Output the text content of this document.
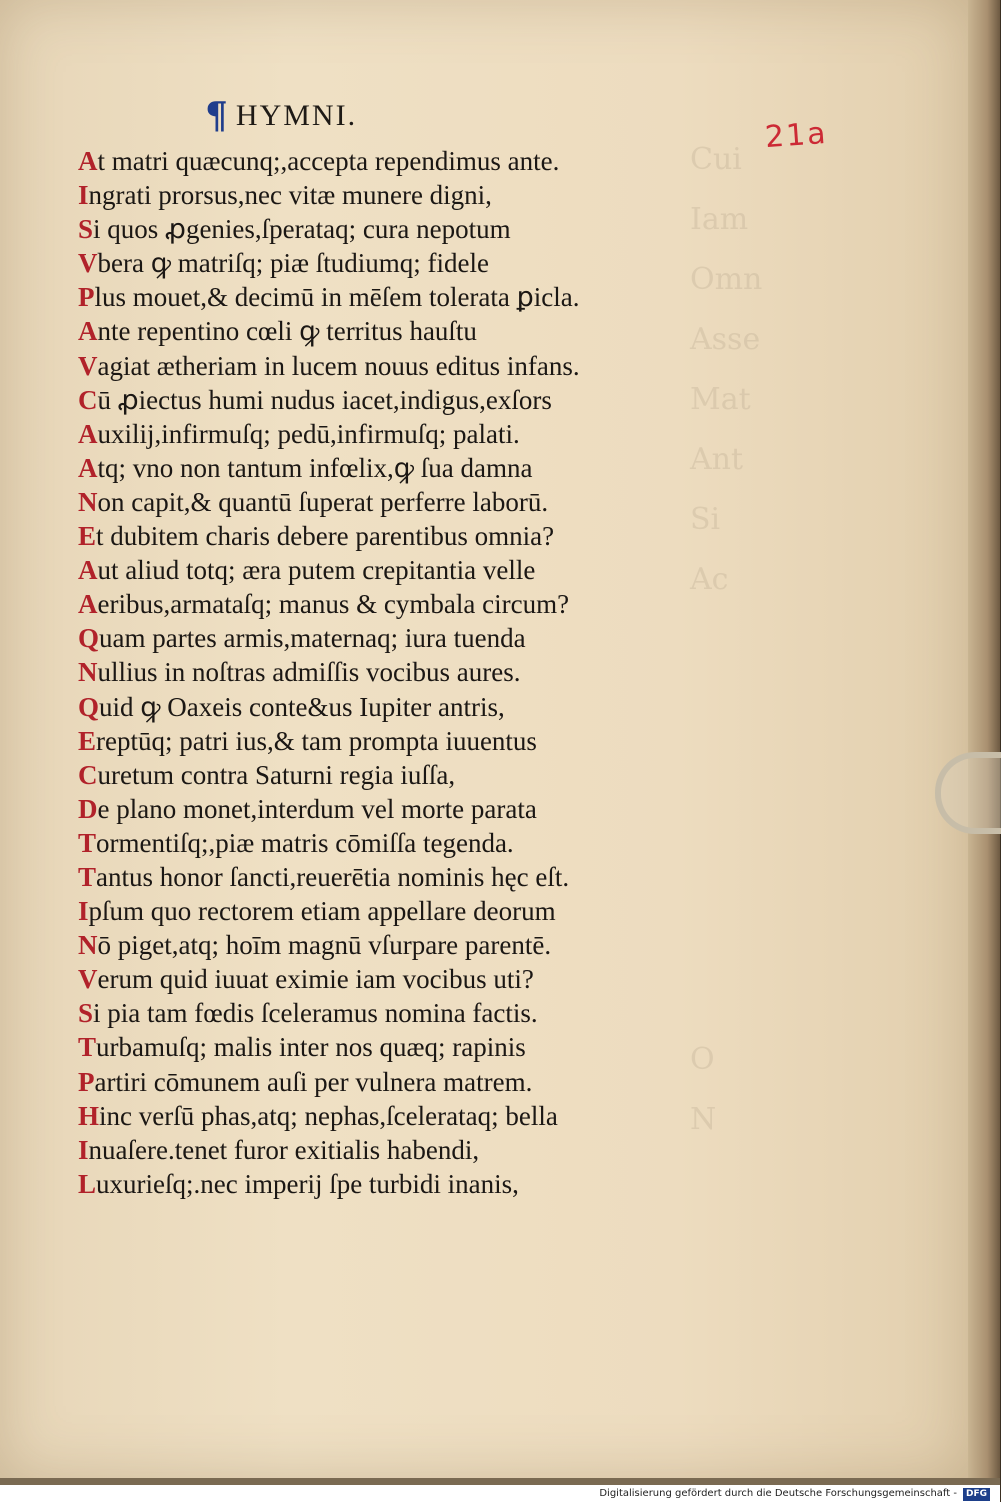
Cui
Iam
Omn
Asse
Mat
Ant
Si
Ac

O
N
21a
¶ HYMNI.
At matri quæcunq;,accepta rependimus ante.
Ingrati prorsus,nec vitæ munere digni,
Si quos ꝓgenies,ſperataq; cura nepotum
Vbera ꝙ matriſq; piæ ſtudiumq; fidele
Plus mouet,& decimū in mēſem tolerata ꝑicla.
Ante repentino cœli ꝙ territus hauſtu
Vagiat ætheriam in lucem nouus editus infans.
Cū ꝓiectus humi nudus iacet,indigus,exſors
Auxilij,infirmuſq; pedū,infirmuſq; palati.
Atq; vno non tantum infœlix,ꝙ ſua damna
Non capit,& quantū ſuperat perferre laborū.
Et dubitem charis debere parentibus omnia?
Aut aliud totq; æra putem crepitantia velle
Aeribus,armataſq; manus & cymbala circum?
Quam partes armis,maternaq; iura tuenda
Nullius in noſtras admiſſis vocibus aures.
Quid ꝙ Oaxeis conte&us Iupiter antris,
Ereptūq; patri ius,& tam prompta iuuentus
Curetum contra Saturni regia iuſſa,
De plano monet,interdum vel morte parata
Tormentiſq;,piæ matris cōmiſſa tegenda.
Tantus honor ſancti,reuerētia nominis hęc eſt.
Ipſum quo rectorem etiam appellare deorum
Nō piget,atq; hoīm magnū vſurpare parentē.
Verum quid iuuat eximie iam vocibus uti?
Si pia tam fœdis ſceleramus nomina factis.
Turbamuſq; malis inter nos quæq; rapinis
Partiri cōmunem auſi per vulnera matrem.
Hinc verſū phas,atq; nephas,ſcelerataq; bella
Inuaſere.tenet furor exitialis habendi,
Luxurieſq;.nec imperij ſpe turbidi inanis,
Digitalisierung gefördert durch die Deutsche Forschungsgemeinschaft - DFG
